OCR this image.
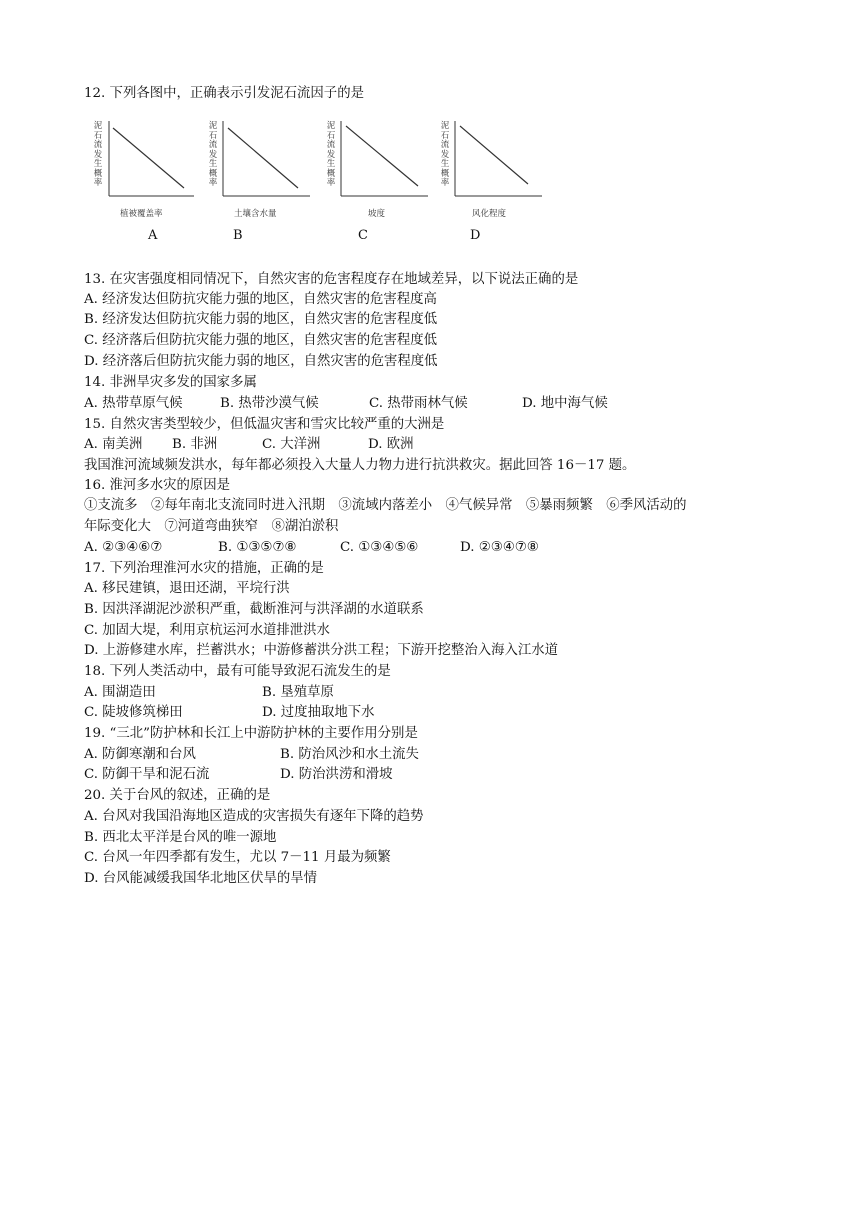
12. 下列各图中，正确表示引发泥石流因子的是
泥石流发生概率
植被覆盖率
A
泥石流发生概率
土壤含水量
B
泥石流发生概率
坡度
C
泥石流发生概率
风化程度
D
13. 在灾害强度相同情况下，自然灾害的危害程度存在地域差异，以下说法正确的是
A. 经济发达但防抗灾能力强的地区，自然灾害的危害程度高
B. 经济发达但防抗灾能力弱的地区，自然灾害的危害程度低
C. 经济落后但防抗灾能力强的地区，自然灾害的危害程度低
D. 经济落后但防抗灾能力弱的地区，自然灾害的危害程度低
14. 非洲旱灾多发的国家多属
A. 热带草原气候	B. 热带沙漠气候	C. 热带雨林气候	D. 地中海气候
15. 自然灾害类型较少，但低温灾害和雪灾比较严重的大洲是
A. 南美洲 B. 非洲	C. 大洋洲	D. 欧洲
我国淮河流域频发洪水，每年都必须投入大量人力物力进行抗洪救灾。据此回答 16－17 题。
16. 淮河多水灾的原因是
①支流多　②每年南北支流同时进入汛期　③流域内落差小　④气候异常　⑤暴雨频繁　⑥季风活动的
年际变化大　⑦河道弯曲狭窄　⑧湖泊淤积
A. ②③④⑥⑦	B. ①③⑤⑦⑧	C. ①③④⑤⑥	D. ②③④⑦⑧
17. 下列治理淮河水灾的措施，正确的是
A. 移民建镇，退田还湖，平垸行洪
B. 因洪泽湖泥沙淤积严重，截断淮河与洪泽湖的水道联系
C. 加固大堤，利用京杭运河水道排泄洪水
D. 上游修建水库，拦蓄洪水；中游修蓄洪分洪工程；下游开挖整治入海入江水道
18. 下列人类活动中，最有可能导致泥石流发生的是
A. 围湖造田	B. 垦殖草原
C. 陡坡修筑梯田	D. 过度抽取地下水
19. “三北”防护林和长江上中游防护林的主要作用分别是
A. 防御寒潮和台风	B. 防治风沙和水土流失
C. 防御干旱和泥石流	D. 防治洪涝和滑坡
20. 关于台风的叙述，正确的是
A. 台风对我国沿海地区造成的灾害损失有逐年下降的趋势
B. 西北太平洋是台风的唯一源地
C. 台风一年四季都有发生，尤以 7－11 月最为频繁
D. 台风能减缓我国华北地区伏旱的旱情
